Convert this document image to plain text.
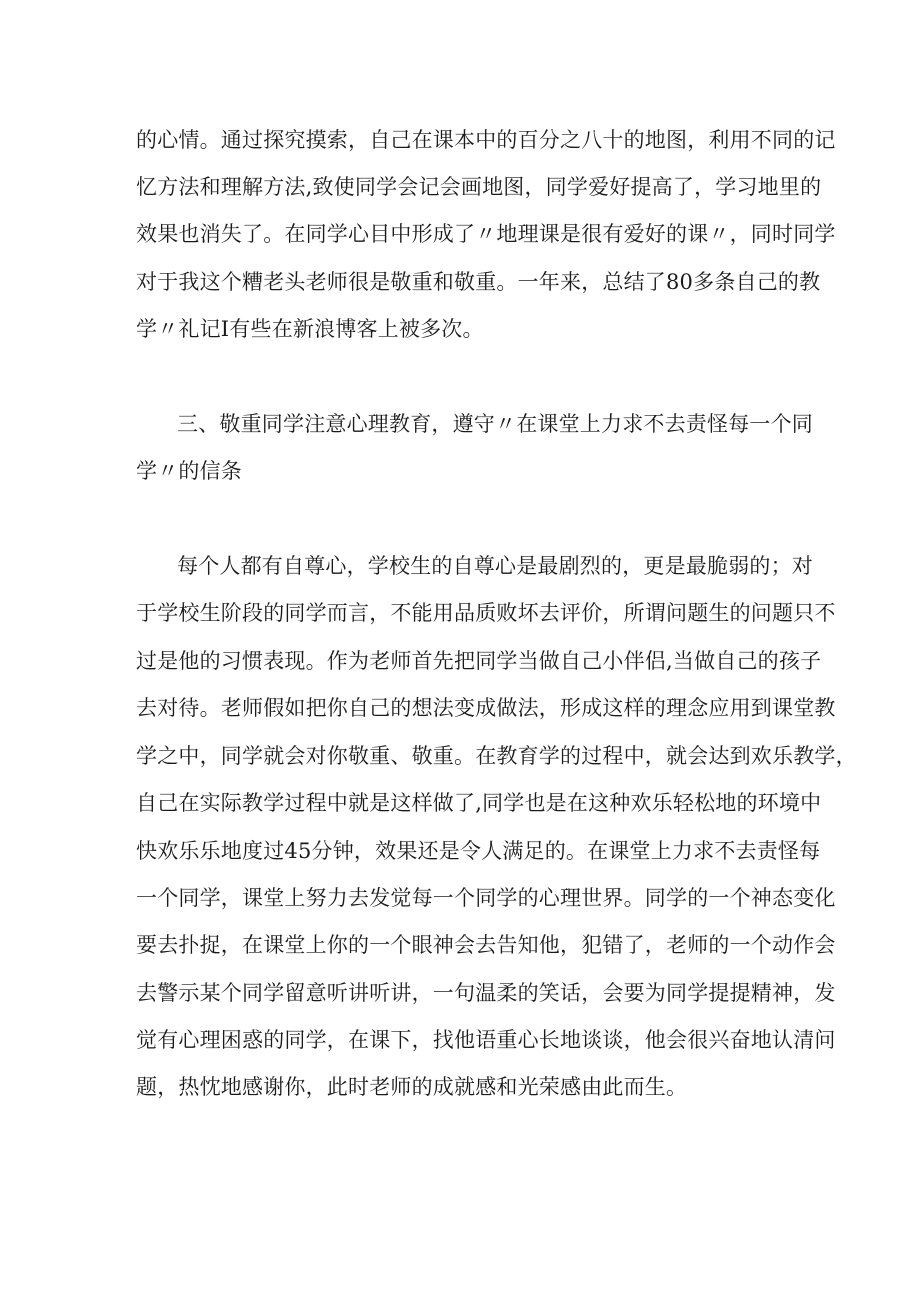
的心情。通过探究摸索，自己在课本中的百分之八十的地图，利用不同的记
忆方法和理解方法,致使同学会记会画地图，同学爱好提高了，学习地里的
效果也消失了。在同学心目中形成了〃地理课是很有爱好的课〃，同时同学
对于我这个糟老头老师很是敬重和敬重。一年来，总结了80多条自己的教
学〃礼记I有些在新浪博客上被多次。
三、敬重同学注意心理教育，遵守〃在课堂上力求不去责怪每一个同
学〃的信条
每个人都有自尊心，学校生的自尊心是最剧烈的，更是最脆弱的；对
于学校生阶段的同学而言，不能用品质败坏去评价，所谓问题生的问题只不
过是他的习惯表现。作为老师首先把同学当做自己小伴侣,当做自己的孩子
去对待。老师假如把你自己的想法变成做法，形成这样的理念应用到课堂教
学之中，同学就会对你敬重、敬重。在教育学的过程中，就会达到欢乐教学，
自己在实际教学过程中就是这样做了,同学也是在这种欢乐轻松地的环境中
快欢乐乐地度过45分钟，效果还是令人满足的。在课堂上力求不去责怪每
一个同学，课堂上努力去发觉每一个同学的心理世界。同学的一个神态变化
要去扑捉，在课堂上你的一个眼神会去告知他，犯错了，老师的一个动作会
去警示某个同学留意听讲听讲，一句温柔的笑话，会要为同学提提精神，发
觉有心理困惑的同学，在课下，找他语重心长地谈谈，他会很兴奋地认清问
题，热忱地感谢你，此时老师的成就感和光荣感由此而生。
